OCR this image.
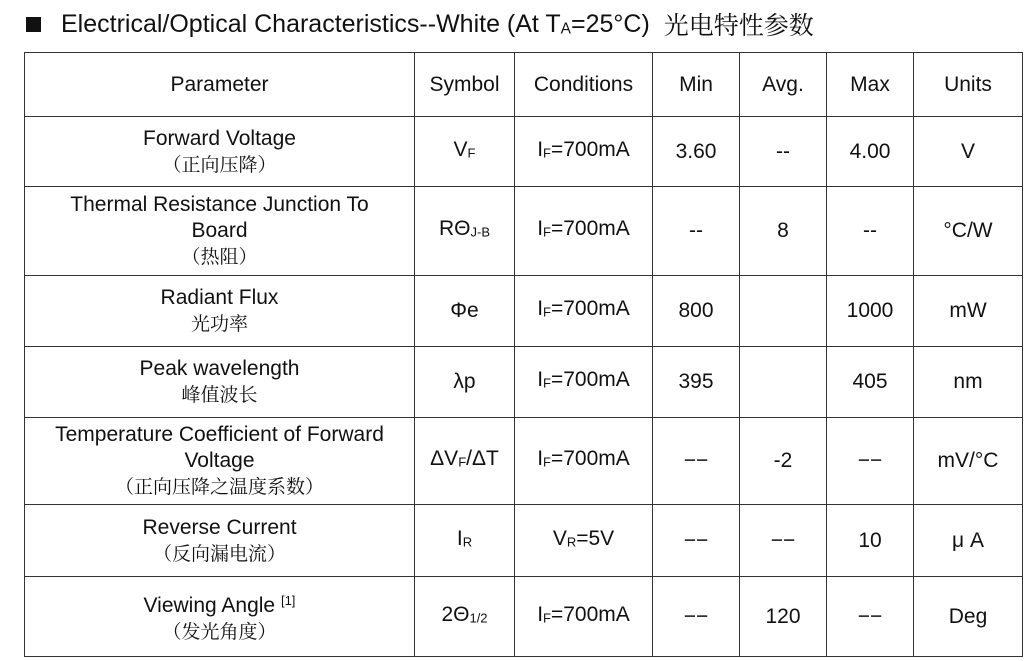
Electrical/Optical Characteristics--White (At TA=25°C) 光电特性参数
Parameter	Symbol	Conditions	Min	Avg.	Max	Units

Forward Voltage
（正向压降）	VF	IF=700mA	3.60	--	4.00	V

Thermal Resistance Junction To Board
（热阻）	RΘJ-B	IF=700mA	--	8	--	°C/W

Radiant Flux
光功率	Φe	IF=700mA	800		1000	mW

Peak wavelength
峰值波长	λp	IF=700mA	395		405	nm

Temperature Coefficient of Forward Voltage
（正向压降之温度系数）	ΔVF/ΔT	IF=700mA	−−	-2	−−	mV/°C

Reverse Current
（反向漏电流）	IR	VR=5V	−−	−−	10	μ A

Viewing Angle [1]
（发光角度）	2Θ1/2	IF=700mA	−−	120	−−	Deg
